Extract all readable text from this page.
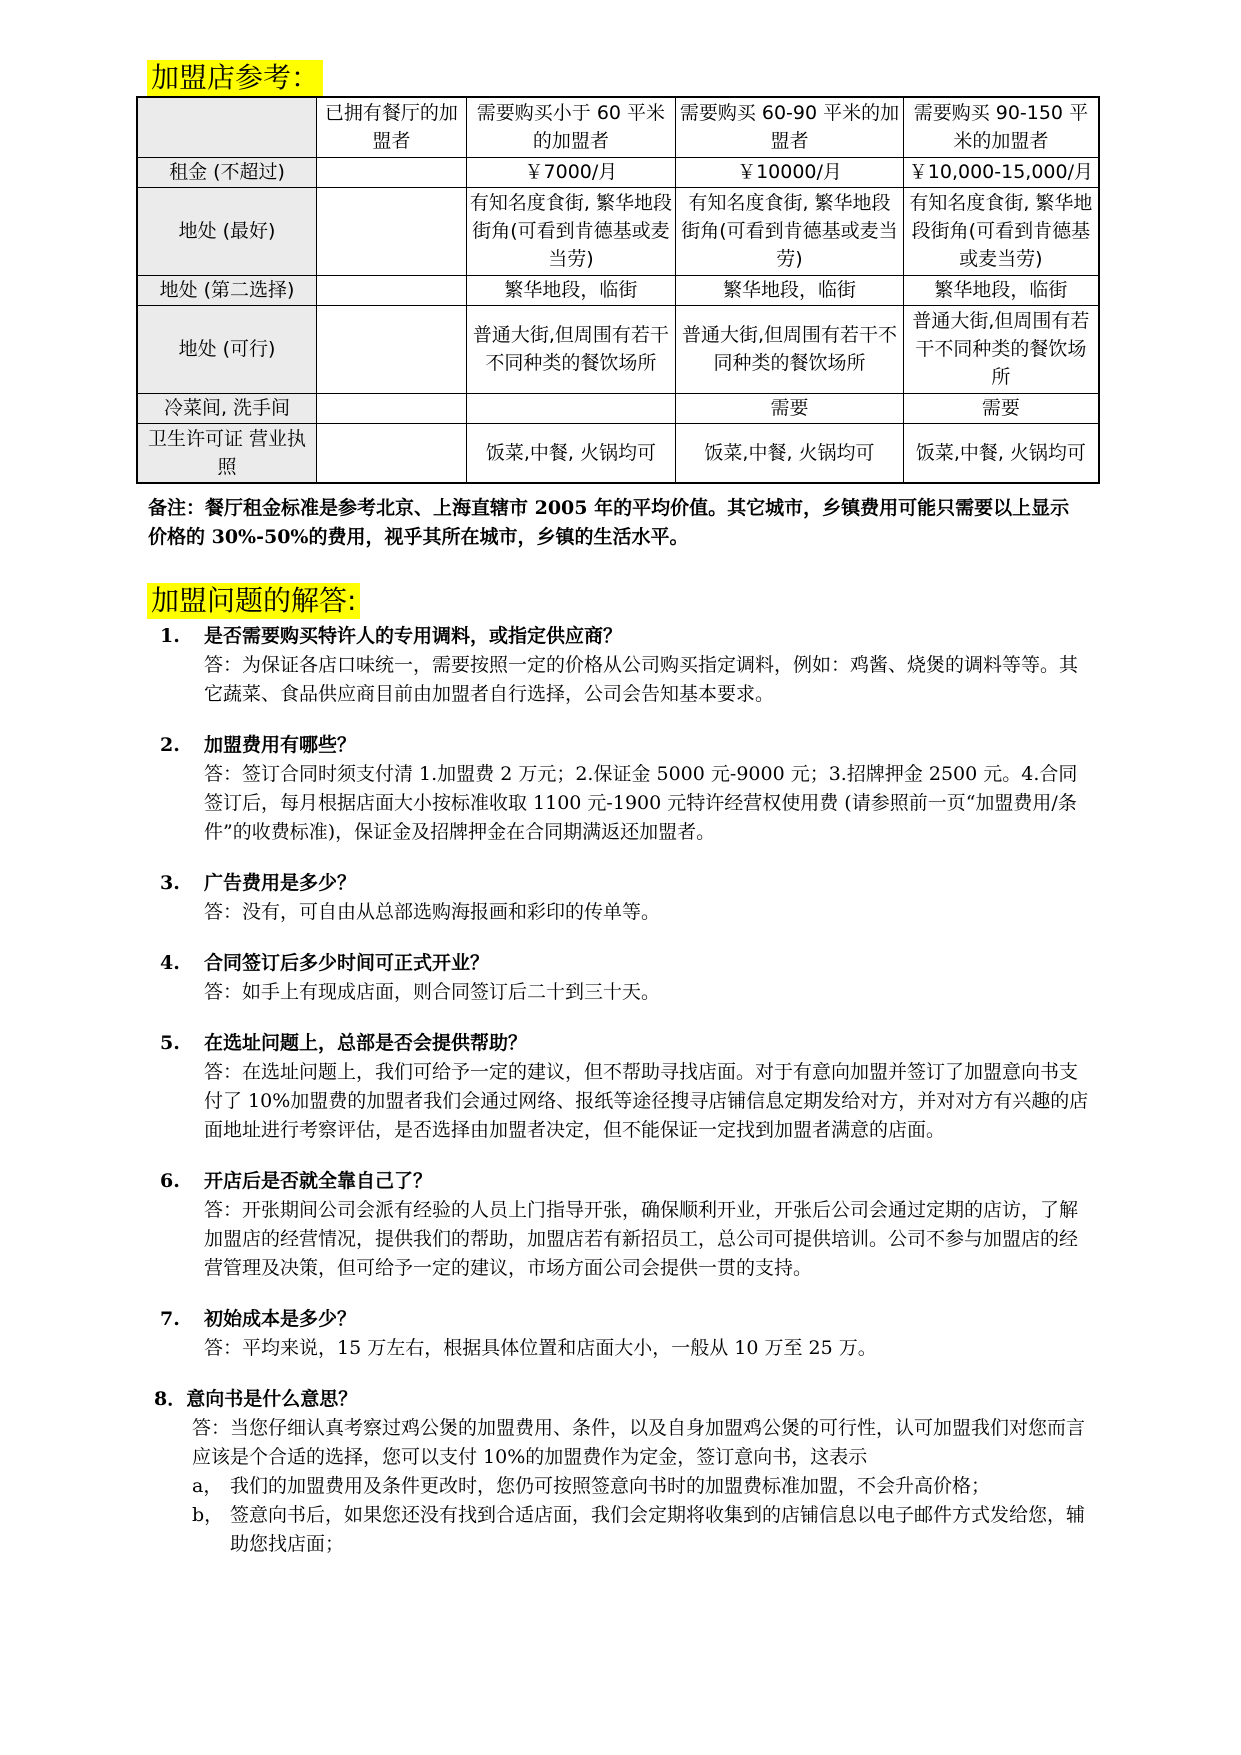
加盟店参考：
	已拥有餐厅的加盟者	需要购买小于 60 平米的加盟者	需要购买 60-90 平米的加盟者	需要购买 90-150 平米的加盟者
租金 (不超过)		￥7000/月	￥10000/月	￥10,000-15,000/月
地处 (最好)		有知名度食街, 繁华地段街角(可看到肯德基或麦当劳)	有知名度食街, 繁华地段街角(可看到肯德基或麦当劳)	有知名度食街, 繁华地段街角(可看到肯德基或麦当劳)
地处 (第二选择)		繁华地段，临街	繁华地段，临街	繁华地段，临街
地处 (可行)		普通大街,但周围有若干不同种类的餐饮场所	普通大街,但周围有若干不同种类的餐饮场所	普通大街,但周围有若干不同种类的餐饮场所
冷菜间, 洗手间			需要	需要
卫生许可证 营业执照		饭菜,中餐, 火锅均可	饭菜,中餐, 火锅均可	饭菜,中餐, 火锅均可
备注：餐厅租金标准是参考北京、上海直辖市 2005 年的平均价值。其它城市，乡镇费用可能只需要以上显示价格的 30%-50%的费用，视乎其所在城市，乡镇的生活水平。
加盟问题的解答:
1. 是否需要购买特许人的专用调料，或指定供应商？
答：为保证各店口味统一，需要按照一定的价格从公司购买指定调料，例如：鸡酱、烧煲的调料等等。其它蔬菜、食品供应商目前由加盟者自行选择，公司会告知基本要求。
2. 加盟费用有哪些？
答：签订合同时须支付清 1.加盟费 2 万元；2.保证金 5000 元-9000 元；3.招牌押金 2500 元。4.合同签订后，每月根据店面大小按标准收取 1100 元-1900 元特许经营权使用费 (请参照前一页“加盟费用/条件”的收费标准)，保证金及招牌押金在合同期满返还加盟者。
3. 广告费用是多少？
答：没有，可自由从总部选购海报画和彩印的传单等。
4. 合同签订后多少时间可正式开业？
答：如手上有现成店面，则合同签订后二十到三十天。
5. 在选址问题上，总部是否会提供帮助？
答：在选址问题上，我们可给予一定的建议，但不帮助寻找店面。对于有意向加盟并签订了加盟意向书支付了 10%加盟费的加盟者我们会通过网络、报纸等途径搜寻店铺信息定期发给对方，并对对方有兴趣的店面地址进行考察评估，是否选择由加盟者决定，但不能保证一定找到加盟者满意的店面。
6. 开店后是否就全靠自己了？
答：开张期间公司会派有经验的人员上门指导开张，确保顺利开业，开张后公司会通过定期的店访，了解加盟店的经营情况，提供我们的帮助，加盟店若有新招员工，总公司可提供培训。公司不参与加盟店的经营管理及决策，但可给予一定的建议，市场方面公司会提供一贯的支持。
7. 初始成本是多少？
答：平均来说，15 万左右，根据具体位置和店面大小，一般从 10 万至 25 万。
8．意向书是什么意思？
答：当您仔细认真考察过鸡公煲的加盟费用、条件，以及自身加盟鸡公煲的可行性，认可加盟我们对您而言应该是个合适的选择，您可以支付 10%的加盟费作为定金，签订意向书，这表示
a， 我们的加盟费用及条件更改时，您仍可按照签意向书时的加盟费标准加盟，不会升高价格；
b， 签意向书后，如果您还没有找到合适店面，我们会定期将收集到的店铺信息以电子邮件方式发给您，辅助您找店面；
